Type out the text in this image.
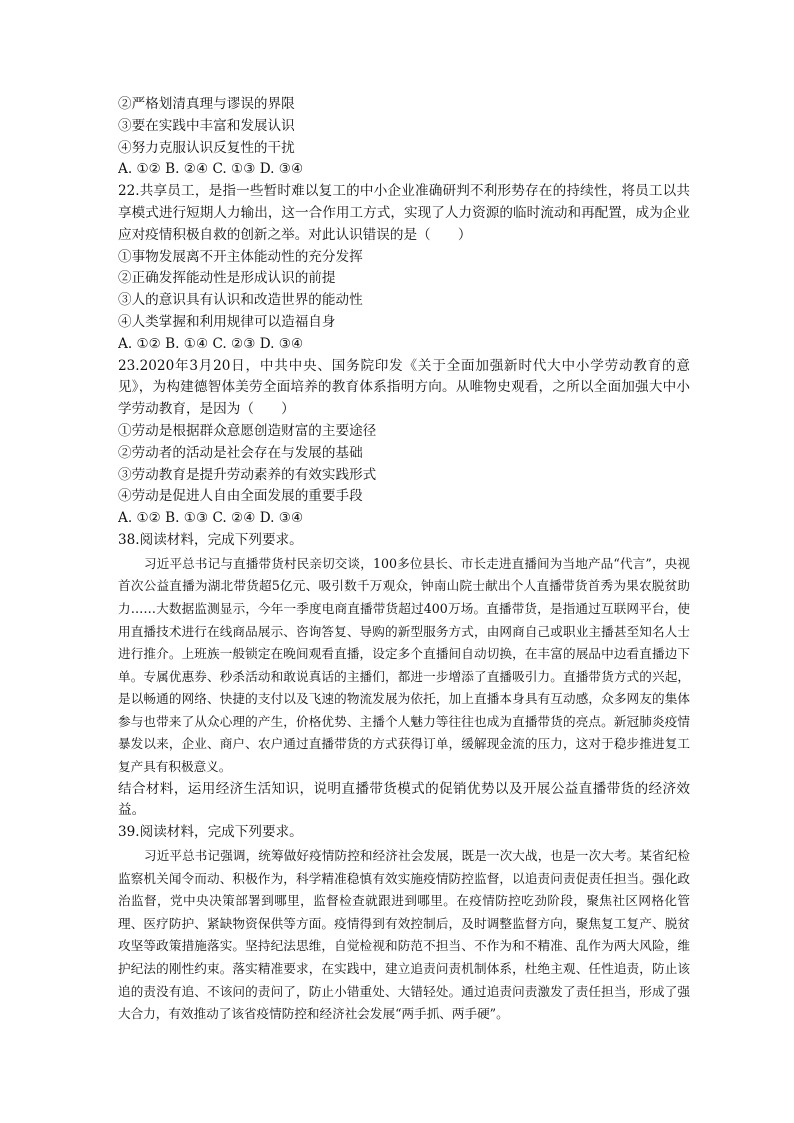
②严格划清真理与谬误的界限
③要在实践中丰富和发展认识
④努力克服认识反复性的干扰
A. ①② B. ②④ C. ①③ D. ③④
22.共享员工，是指一些暂时难以复工的中小企业准确研判不利形势存在的持续性，将员工以共享模式进行短期人力输出，这一合作用工方式，实现了人力资源的临时流动和再配置，成为企业应对疫情积极自救的创新之举。对此认识错误的是（　　）
①事物发展离不开主体能动性的充分发挥
②正确发挥能动性是形成认识的前提
③人的意识具有认识和改造世界的能动性
④人类掌握和利用规律可以造福自身
A. ①② B. ①④ C. ②③ D. ③④
23.2020年3月20日，中共中央、国务院印发《关于全面加强新时代大中小学劳动教育的意见》，为构建德智体美劳全面培养的教育体系指明方向。从唯物史观看，之所以全面加强大中小学劳动教育，是因为（　　）
①劳动是根据群众意愿创造财富的主要途径
②劳动者的活动是社会存在与发展的基础
③劳动教育是提升劳动素养的有效实践形式
④劳动是促进人自由全面发展的重要手段
A. ①② B. ①③ C. ②④ D. ③④
38.阅读材料，完成下列要求。
习近平总书记与直播带货村民亲切交谈，100多位县长、市长走进直播间为当地产品“代言”，央视首次公益直播为湖北带货超5亿元、吸引数千万观众，钟南山院士献出个人直播带货首秀为果农脱贫助力……大数据监测显示，今年一季度电商直播带货超过400万场。直播带货，是指通过互联网平台，使用直播技术进行在线商品展示、咨询答复、导购的新型服务方式，由网商自己或职业主播甚至知名人士进行推介。上班族一般锁定在晚间观看直播，设定多个直播间自动切换，在丰富的展品中边看直播边下单。专属优惠券、秒杀活动和敢说真话的主播们，都进一步增添了直播吸引力。直播带货方式的兴起，是以畅通的网络、快捷的支付以及飞速的物流发展为依托，加上直播本身具有互动感，众多网友的集体参与也带来了从众心理的产生，价格优势、主播个人魅力等往往也成为直播带货的亮点。新冠肺炎疫情暴发以来，企业、商户、农户通过直播带货的方式获得订单，缓解现金流的压力，这对于稳步推进复工复产具有积极意义。
结合材料，运用经济生活知识，说明直播带货模式的促销优势以及开展公益直播带货的经济效益。
39.阅读材料，完成下列要求。
习近平总书记强调，统筹做好疫情防控和经济社会发展，既是一次大战，也是一次大考。某省纪检监察机关闻令而动、积极作为，科学精准稳慎有效实施疫情防控监督，以追责问责促责任担当。强化政治监督，党中央决策部署到哪里，监督检查就跟进到哪里。在疫情防控吃劲阶段，聚焦社区网格化管理、医疗防护、紧缺物资保供等方面。疫情得到有效控制后，及时调整监督方向，聚焦复工复产、脱贫攻坚等政策措施落实。坚持纪法思维，自觉检视和防范不担当、不作为和不精准、乱作为两大风险，维护纪法的刚性约束。落实精准要求，在实践中，建立追责问责机制体系，杜绝主观、任性追责，防止该追的责没有追、不该问的责问了，防止小错重处、大错轻处。通过追责问责激发了责任担当，形成了强大合力，有效推动了该省疫情防控和经济社会发展“两手抓、两手硬”。
